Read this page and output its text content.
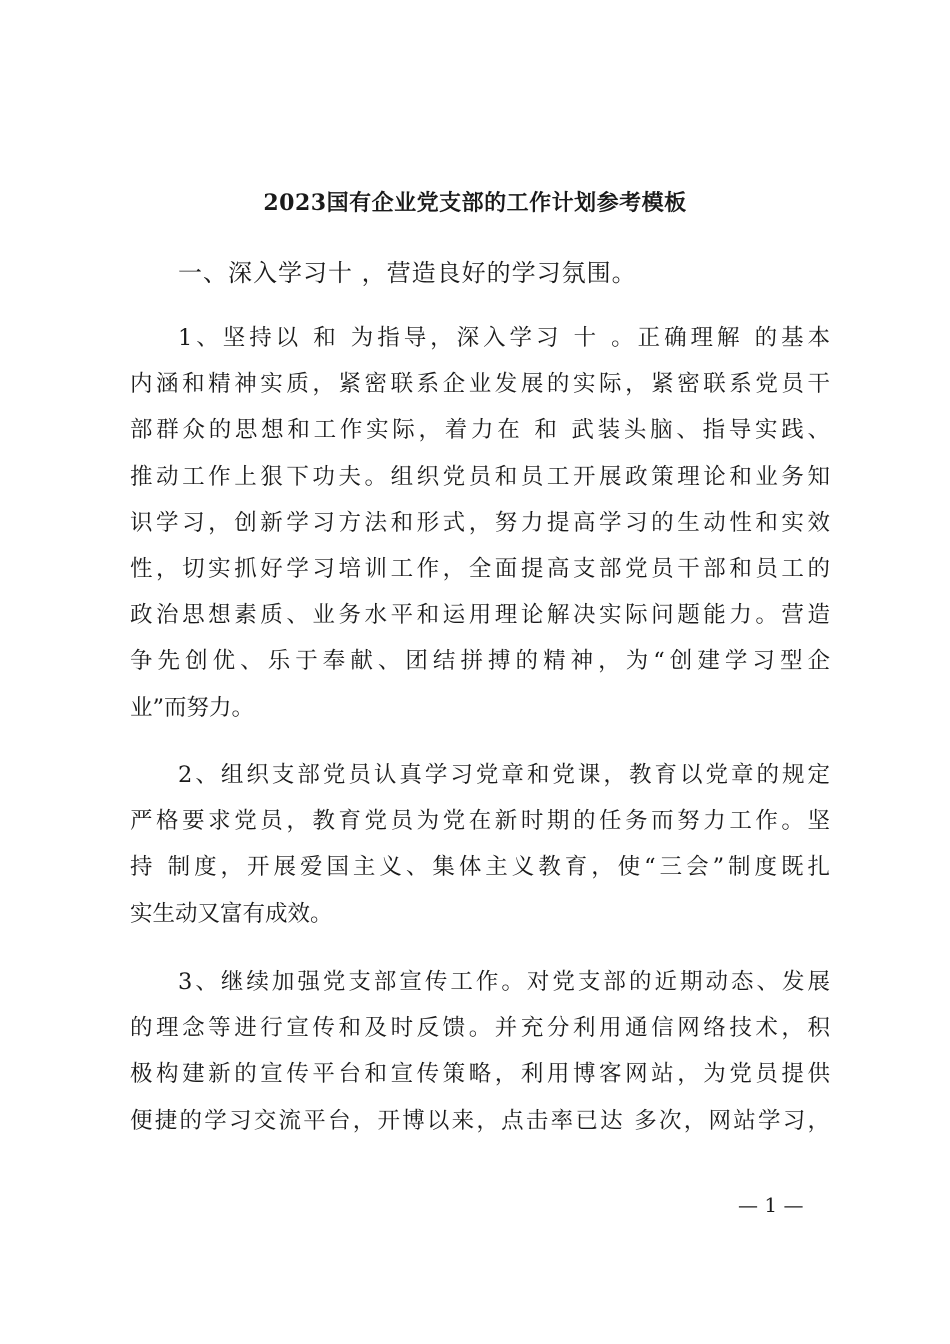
2023国有企业党支部的工作计划参考模板
一、深入学习十 ，营造良好的学习氛围。
1、坚持以 和 为指导，深入学习 十 。正确理解 的基本
内涵和精神实质，紧密联系企业发展的实际，紧密联系党员干
部群众的思想和工作实际，着力在 和 武装头脑、指导实践、
推动工作上狠下功夫。组织党员和员工开展政策理论和业务知
识学习，创新学习方法和形式，努力提高学习的生动性和实效
性，切实抓好学习培训工作，全面提高支部党员干部和员工的
政治思想素质、业务水平和运用理论解决实际问题能力。营造
争先创优、乐于奉献、团结拼搏的精神，为“创建学习型企
业”而努力。
2、组织支部党员认真学习党章和党课，教育以党章的规定
严格要求党员，教育党员为党在新时期的任务而努力工作。坚
持 制度，开展爱国主义、集体主义教育，使“三会”制度既扎
实生动又富有成效。
3、继续加强党支部宣传工作。对党支部的近期动态、发展
的理念等进行宣传和及时反馈。并充分利用通信网络技术，积
极构建新的宣传平台和宣传策略，利用博客网站，为党员提供
便捷的学习交流平台，开博以来，点击率已达 多次，网站学习，
— 1 —
